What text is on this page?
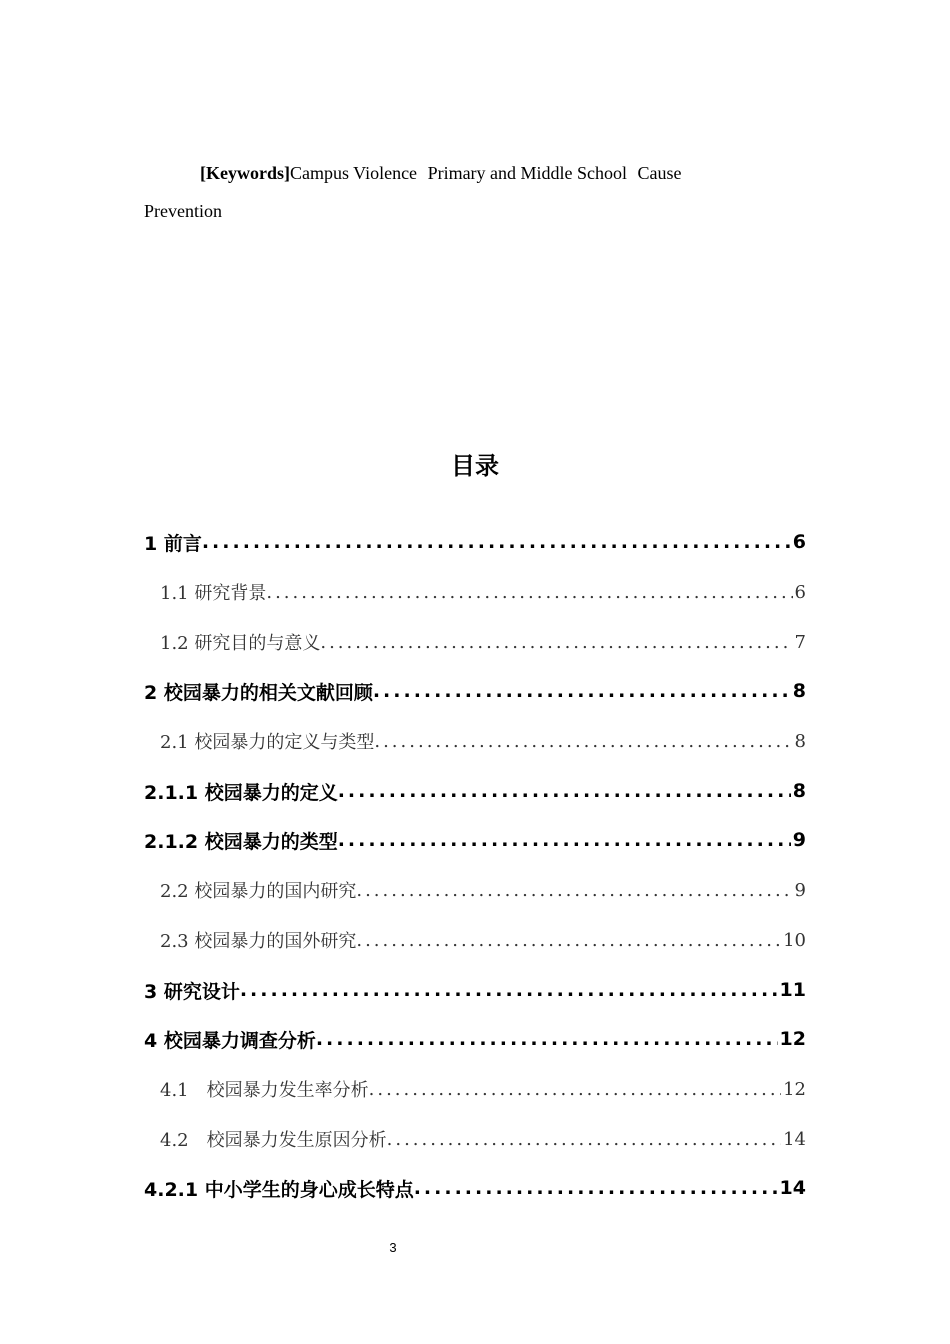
[Keywords]Campus Violence Primary and Middle School Cause
Prevention
目录
1 前言 .....	6
1.1 研究背景 .....	6
1.2 研究目的与意义 .....	7
2 校园暴力的相关文献回顾 .....	8
2.1 校园暴力的定义与类型 .....	8
2.1.1 校园暴力的定义 .....	8
2.1.2 校园暴力的类型 .....	9
2.2 校园暴力的国内研究 .....	9
2.3 校园暴力的国外研究 .....	10
3 研究设计 .....	11
4 校园暴力调查分析 .....	12
4.1　校园暴力发生率分析 .....	12
4.2　校园暴力发生原因分析 .....	14
4.2.1 中小学生的身心成长特点 .....	14
3
